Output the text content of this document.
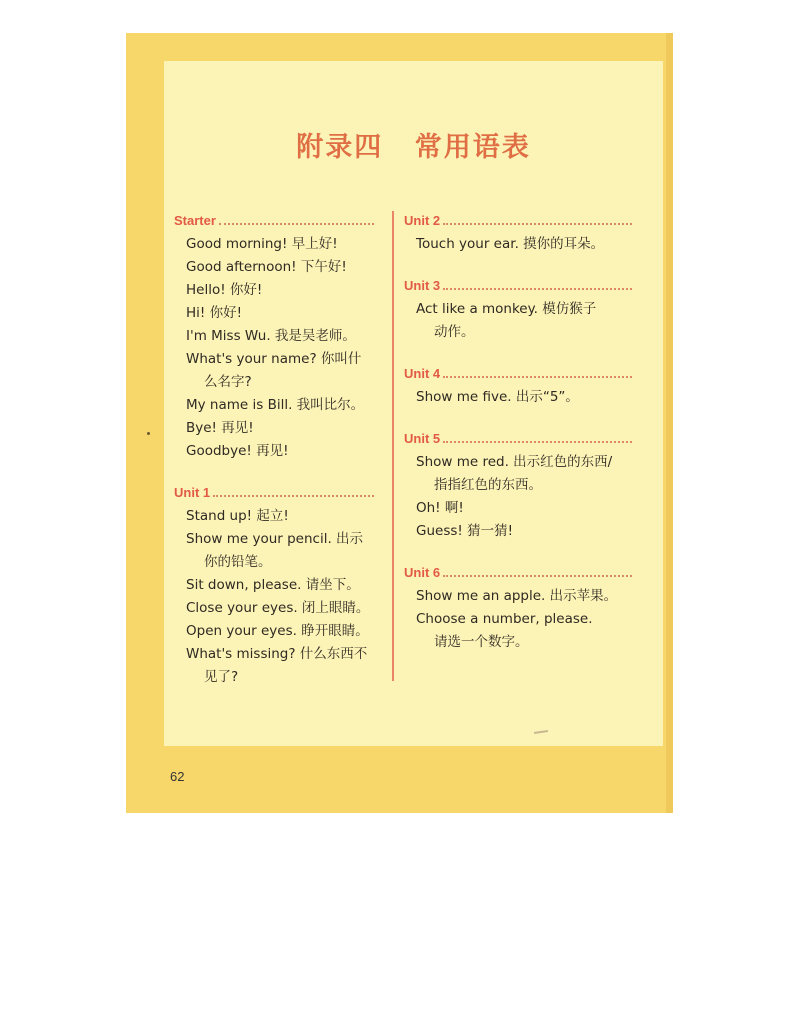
附录四 常用语表
Starter
Good morning! 早上好!
Good afternoon! 下午好!
Hello! 你好!
Hi! 你好!
I'm Miss Wu. 我是吴老师。
What's your name? 你叫什
么名字?
My name is Bill. 我叫比尔。
Bye! 再见!
Goodbye! 再见!
Unit 1
Stand up! 起立!
Show me your pencil. 出示
你的铅笔。
Sit down, please. 请坐下。
Close your eyes. 闭上眼睛。
Open your eyes. 睁开眼睛。
What's missing? 什么东西不
见了?
Unit 2
Touch your ear. 摸你的耳朵。
Unit 3
Act like a monkey. 模仿猴子
动作。
Unit 4
Show me five. 出示“5”。
Unit 5
Show me red. 出示红色的东西/
指指红色的东西。
Oh! 啊!
Guess! 猜一猜!
Unit 6
Show me an apple. 出示苹果。
Choose a number, please.
请选一个数字。
62
